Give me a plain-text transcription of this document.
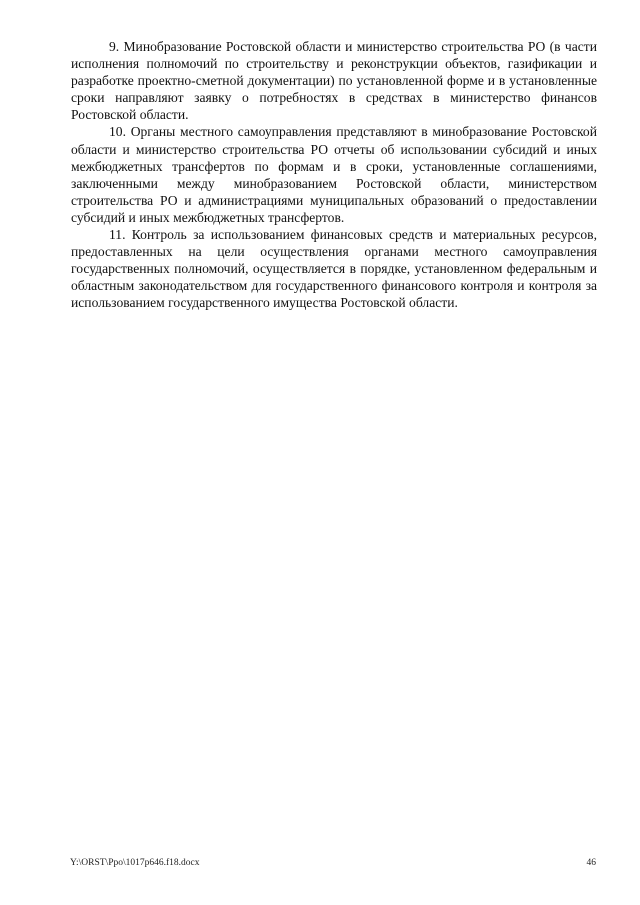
9. Минобразование Ростовской области и министерство строительства РО (в части исполнения полномочий по строительству и реконструкции объектов, газификации и разработке проектно-сметной документации) по установленной форме и в установленные сроки направляют заявку о потребностях в средствах в министерство финансов Ростовской области.

10. Органы местного самоуправления представляют в минобразование Ростовской области и министерство строительства РО отчеты об использовании субсидий и иных межбюджетных трансфертов по формам и в сроки, установленные соглашениями, заключенными между минобразованием Ростовской области, министерством строительства РО и администрациями муниципальных образований о предоставлении субсидий и иных межбюджетных трансфертов.

11. Контроль за использованием финансовых средств и материальных ресурсов, предоставленных на цели осуществления органами местного самоуправления государственных полномочий, осуществляется в порядке, установленном федеральным и областным законодательством для государственного финансового контроля и контроля за использованием государственного имущества Ростовской области.

Y:\ORST\Ppo\1017p646.f18.docx	46
